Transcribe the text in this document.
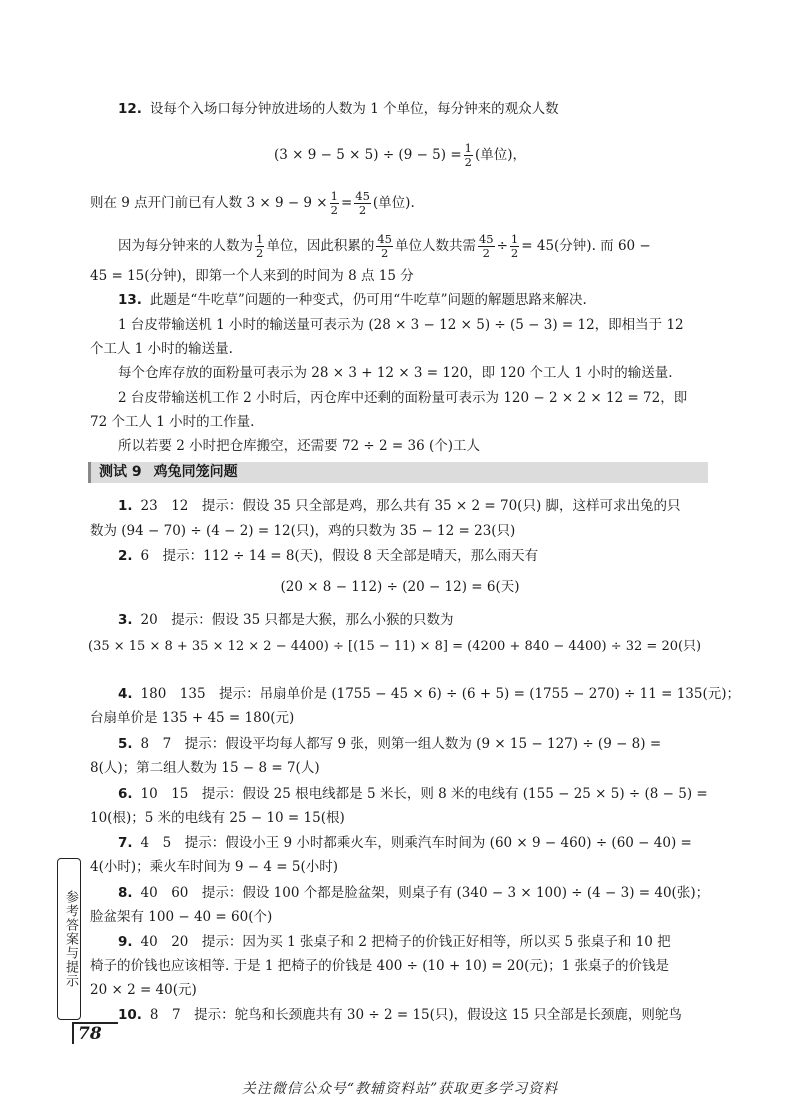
12. 设每个入场口每分钟放进场的人数为 1 个单位，每分钟来的观众人数
$(3 \times 9 - 5 \times 5) \div (9 - 5) = \frac{1}{2}$ (单位)，
则在 9 点开门前已有人数 $3 \times 9 - 9 \times \frac{1}{2} = \frac{45}{2}$ (单位).
因为每分钟来的人数为 $\frac{1}{2}$ 单位，因此积累的 $\frac{45}{2}$ 单位人数共需 $\frac{45}{2} \div \frac{1}{2} = 45$(分钟). 而 60 −
45 = 15(分钟)，即第一个人来到的时间为 8 点 15 分
13. 此题是“牛吃草”问题的一种变式，仍可用“牛吃草”问题的解题思路来解决.
1 台皮带输送机 1 小时的输送量可表示为 (28 × 3 − 12 × 5) ÷ (5 − 3) = 12，即相当于 12
个工人 1 小时的输送量.
每个仓库存放的面粉量可表示为 28 × 3 + 12 × 3 = 120，即 120 个工人 1 小时的输送量.
2 台皮带输送机工作 2 小时后，丙仓库中还剩的面粉量可表示为 120 − 2 × 2 × 12 = 72，即
72 个工人 1 小时的工作量.
所以若要 2 小时把仓库搬空，还需要 72 ÷ 2 = 36 (个)工人
测试 9 鸡兔同笼问题
1. 23　12　提示：假设 35 只全部是鸡，那么共有 35 × 2 = 70(只) 脚，这样可求出兔的只
数为 (94 − 70) ÷ (4 − 2) = 12(只)，鸡的只数为 35 − 12 = 23(只)
2. 6　提示：112 ÷ 14 = 8(天)，假设 8 天全部是晴天，那么雨天有
(20 × 8 − 112) ÷ (20 − 12) = 6(天)
3. 20　提示：假设 35 只都是大猴，那么小猴的只数为
(35 × 15 × 8 + 35 × 12 × 2 − 4400) ÷ [(15 − 11) × 8] = (4200 + 840 − 4400) ÷ 32 = 20(只)
4. 180　135　提示：吊扇单价是 (1755 − 45 × 6) ÷ (6 + 5) = (1755 − 270) ÷ 11 = 135(元)；
台扇单价是 135 + 45 = 180(元)
5. 8　7　提示：假设平均每人都写 9 张，则第一组人数为 (9 × 15 − 127) ÷ (9 − 8) =
8(人)；第二组人数为 15 − 8 = 7(人)
6. 10　15　提示：假设 25 根电线都是 5 米长，则 8 米的电线有 (155 − 25 × 5) ÷ (8 − 5) =
10(根)；5 米的电线有 25 − 10 = 15(根)
7. 4　5　提示：假设小王 9 小时都乘火车，则乘汽车时间为 (60 × 9 − 460) ÷ (60 − 40) =
4(小时)；乘火车时间为 9 − 4 = 5(小时)
8. 40　60　提示：假设 100 个都是脸盆架，则桌子有 (340 − 3 × 100) ÷ (4 − 3) = 40(张)；
脸盆架有 100 − 40 = 60(个)
9. 40　20　提示：因为买 1 张桌子和 2 把椅子的价钱正好相等，所以买 5 张桌子和 10 把
椅子的价钱也应该相等. 于是 1 把椅子的价钱是 400 ÷ (10 + 10) = 20(元)；1 张桌子的价钱是
20 × 2 = 40(元)
10. 8　7　提示：鸵鸟和长颈鹿共有 30 ÷ 2 = 15(只)，假设这 15 只全部是长颈鹿，则鸵鸟
参考答案与提示
78
关注微信公众号“教辅资料站”获取更多学习资料
